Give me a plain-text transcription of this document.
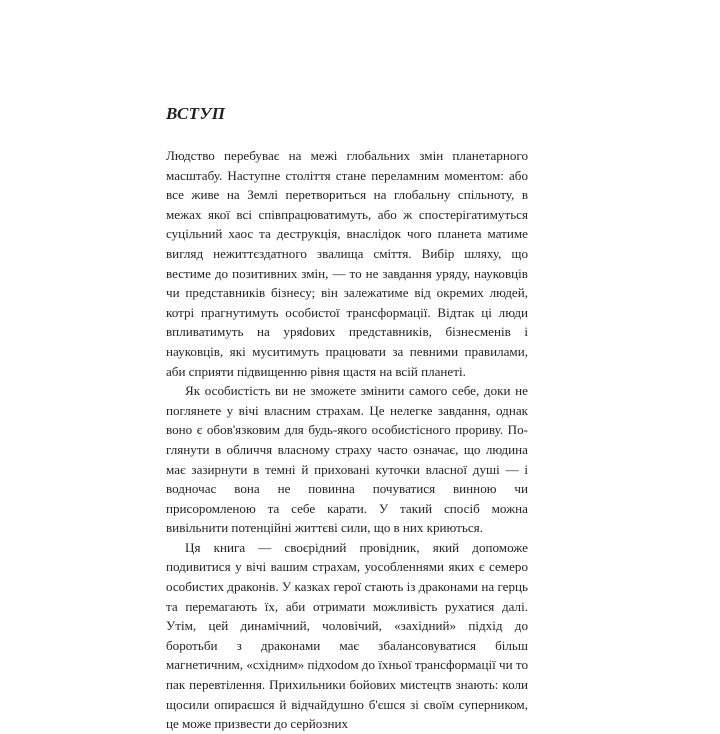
ВСТУП

Людство перебуває на межі глобальних змін планетарного масштабу. Наступне століття стане переламним моментом: або все живе на Землі перетвориться на глобальну спільноту, в межах якої всі співпрацюватимуть, або ж спостерігатимуться суцільний хаос та деструкція, внаслідок чого планета матиме вигляд нежиттєздатного звалища сміття. Вибір шляху, що вестиме до позитивних змін, — то не завдання уряду, науковців чи представників бізнесу; він залежатиме від окремих людей, котрі прагнутимуть особистої трансформації. Відтак ці люди впливатимуть на уряdових представників, бізнесменів і науковців, які муситимуть працювати за певними правилами, аби сприяти підвищенню рівня щастя на всій планеті.

Як особистість ви не зможете змінити самого себе, доки не поглянете у вічі власним страхам. Це нелегке завдання, однак воно є обов'язковим для будь-якого особистісного прориву. Поглянути в обличчя власному страху часто означає, що людина має зазирнути в темні й приховані куточки власної душі — і водночас вона не повинна почуватися винною чи присоромленою та себе карати. У такий спосіб можна вивільнити потенційні життєві сили, що в них криються.

Ця книга — своєрідний провідник, який допоможе подивитися у вічі вашим страхам, уособленнями яких є семеро особистих драконів. У казках герої стають із драконами на герць та перемагають їх, аби отримати можливість рухатися далі. Утім, цей динамічний, чоловічий, «західний» підхід до боротьби з драконами має збалансовуватися більш магнетичним, «східним» підхоdом до їхньої трансформації чи то пак перевтілення. Прихильники бойових мистецтв знають: коли щосили опираєшся й відчайдушно б'єшся зі своїм суперником, це може призвести до серйозних
